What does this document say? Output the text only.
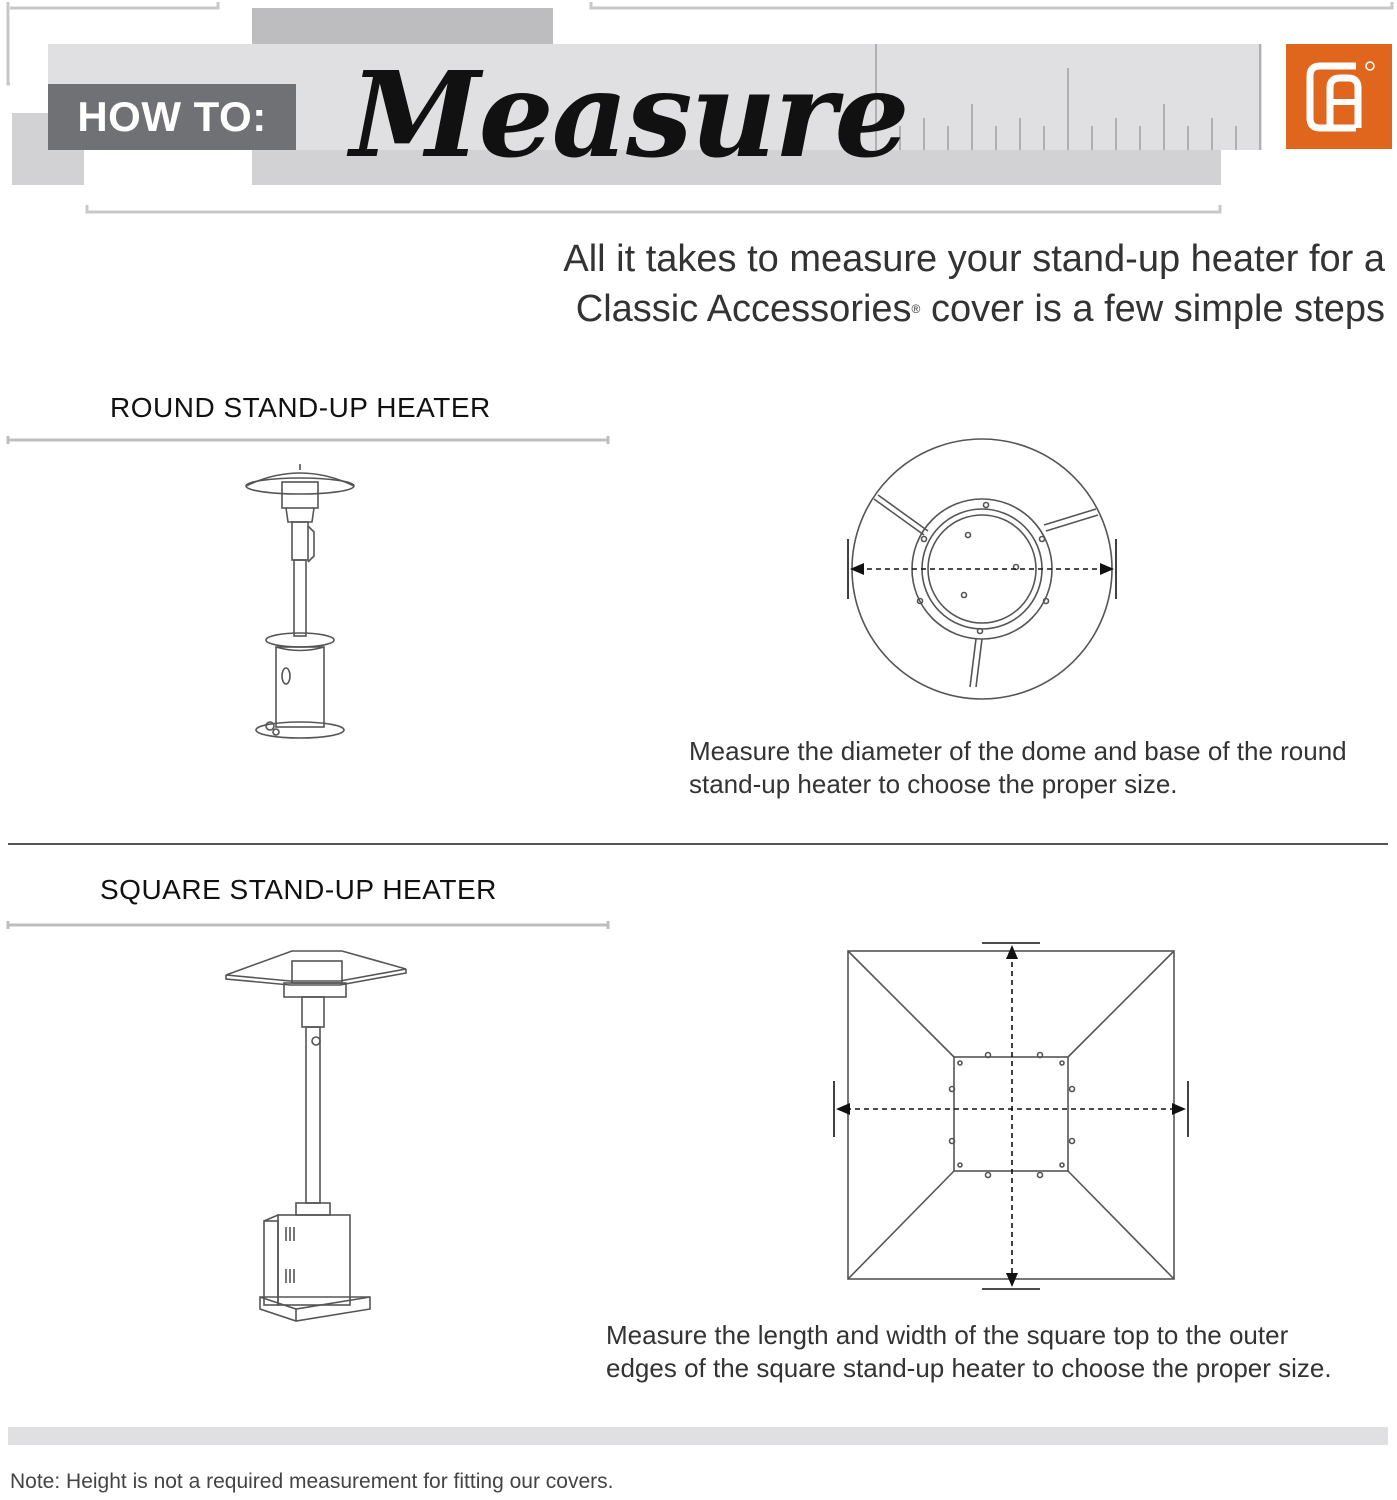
HOW TO: Measure
All it takes to measure your stand-up heater for a
Classic Accessories® cover is a few simple steps
ROUND STAND-UP HEATER
Measure the diameter of the dome and base of the round
stand-up heater to choose the proper size.
SQUARE STAND-UP HEATER
Measure the length and width of the square top to the outer
edges of the square stand-up heater to choose the proper size.
Note: Height is not a required measurement for fitting our covers.
